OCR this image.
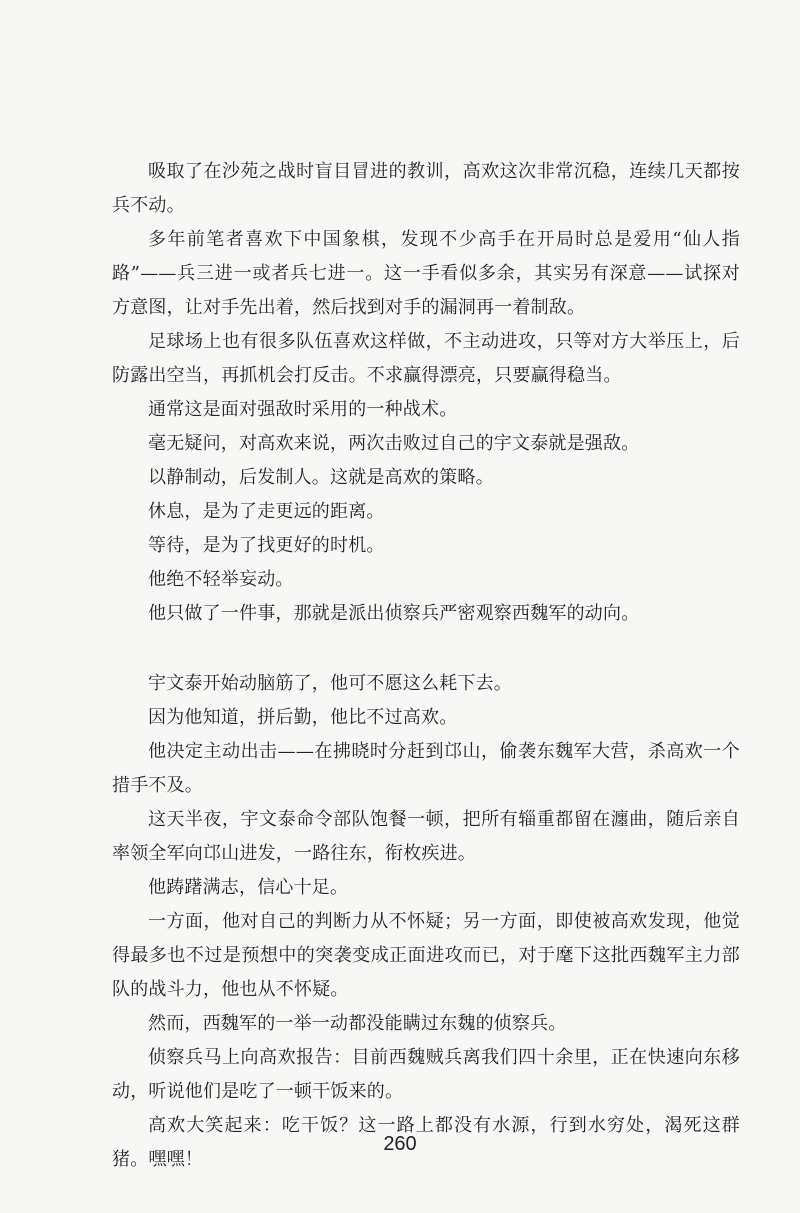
吸取了在沙苑之战时盲目冒进的教训，高欢这次非常沉稳，连续几天都按兵不动。

多年前笔者喜欢下中国象棋，发现不少高手在开局时总是爱用“仙人指路”——兵三进一或者兵七进一。这一手看似多余，其实另有深意——试探对方意图，让对手先出着，然后找到对手的漏洞再一着制敌。

足球场上也有很多队伍喜欢这样做，不主动进攻，只等对方大举压上，后防露出空当，再抓机会打反击。不求赢得漂亮，只要赢得稳当。

通常这是面对强敌时采用的一种战术。

毫无疑问，对高欢来说，两次击败过自己的宇文泰就是强敌。

以静制动，后发制人。这就是高欢的策略。

休息，是为了走更远的距离。

等待，是为了找更好的时机。

他绝不轻举妄动。

他只做了一件事，那就是派出侦察兵严密观察西魏军的动向。

宇文泰开始动脑筋了，他可不愿这么耗下去。

因为他知道，拼后勤，他比不过高欢。

他决定主动出击——在拂晓时分赶到邙山，偷袭东魏军大营，杀高欢一个措手不及。

这天半夜，宇文泰命令部队饱餐一顿，把所有辎重都留在瀍曲，随后亲自率领全军向邙山进发，一路往东，衔枚疾进。

他踌躇满志，信心十足。

一方面，他对自己的判断力从不怀疑；另一方面，即使被高欢发现，他觉得最多也不过是预想中的突袭变成正面进攻而已，对于麾下这批西魏军主力部队的战斗力，他也从不怀疑。

然而，西魏军的一举一动都没能瞒过东魏的侦察兵。

侦察兵马上向高欢报告：目前西魏贼兵离我们四十余里，正在快速向东移动，听说他们是吃了一顿干饭来的。

高欢大笑起来：吃干饭？这一路上都没有水源，行到水穷处，渴死这群猪。嘿嘿！

260
